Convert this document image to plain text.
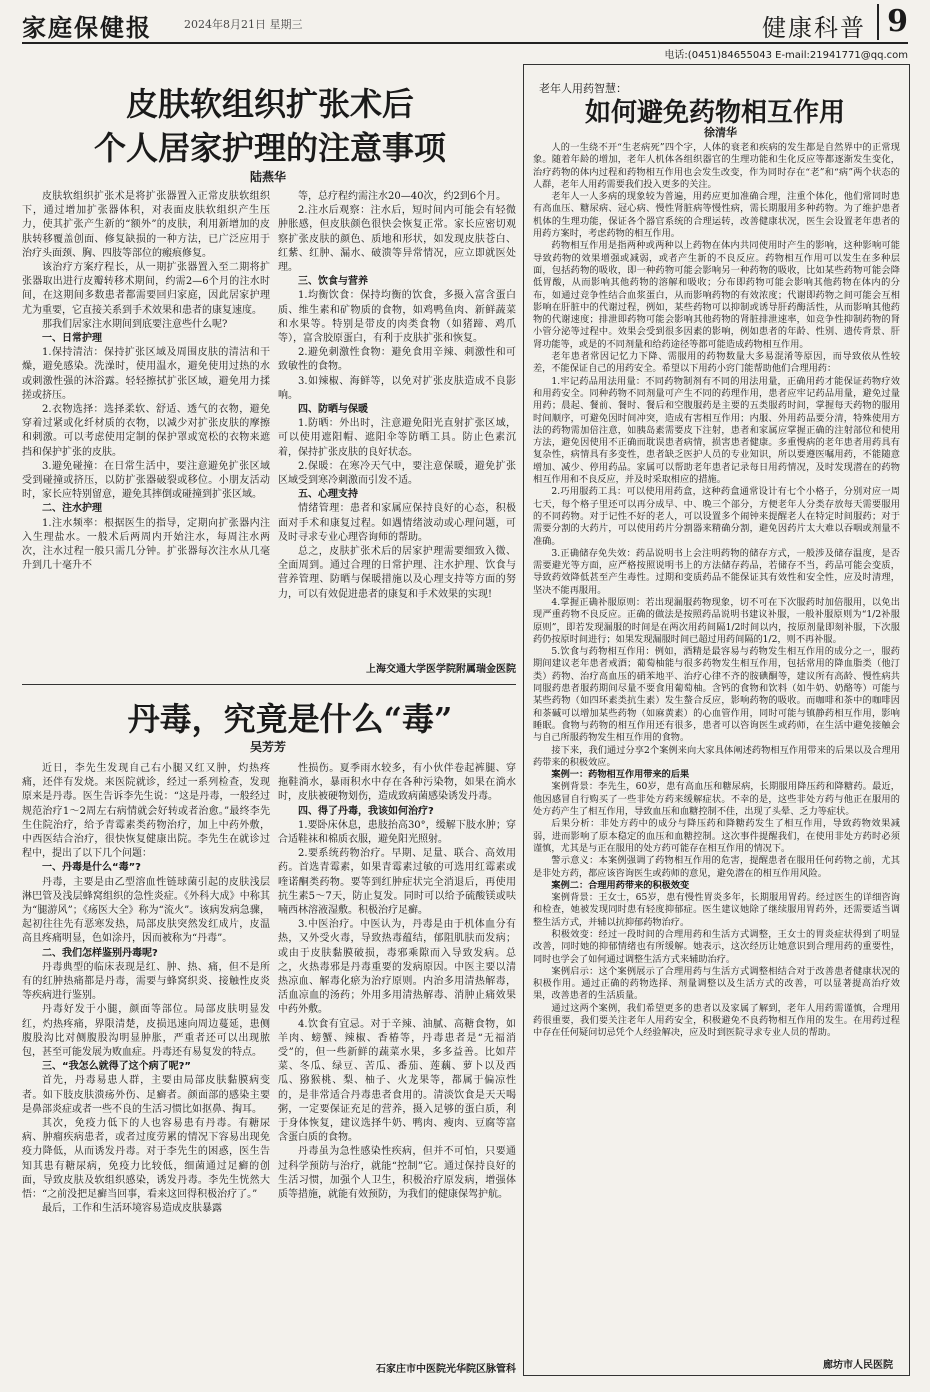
家庭保健报	2024年8月21日 星期三	健康科普 9
电话:(0451)84655043 E-mail:21941771@qq.com
皮肤软组织扩张术后
个人居家护理的注意事项
陆燕华

皮肤软组织扩张术是将扩张器置入正常皮肤软组织下，通过增加扩张器体积，对表面皮肤软组织产生压力，使其扩张产生新的“额外”的皮肤，利用新增加的皮肤转移覆盖创面、修复缺损的一种方法，已广泛应用于治疗头面颈、胸、四肢等部位的瘢痕修复。

该治疗方案疗程长，从一期扩张器置入至二期将扩张器取出进行皮瓣转移术期间，约需2—6个月的注水时间，在这期间多数患者都需要回归家庭，因此居家护理尤为重要，它直接关系到手术效果和患者的康复速度。

那我们居家注水期间到底要注意些什么呢?

一、日常护理

1.保持清洁：保持扩张区域及周围皮肤的清洁和干燥，避免感染。洗澡时，使用温水，避免使用过热的水或刺激性强的沐浴露。轻轻擦拭扩张区域，避免用力揉搓或挤压。

2.衣物选择：选择柔软、舒适、透气的衣物，避免穿着过紧或化纤材质的衣物，以减少对扩张皮肤的摩擦和刺激。可以考虑使用定制的保护罩或宽松的衣物来遮挡和保护扩张的皮肤。

3.避免碰撞：在日常生活中，要注意避免扩张区域受到碰撞或挤压，以防扩张器破裂或移位。小朋友活动时，家长应特别留意，避免其摔倒或碰撞到扩张区域。

二、注水护理

1.注水频率：根据医生的指导，定期向扩张器内注入生理盐水。一般术后两周内开始注水，每周注水两次，注水过程一般只需几分钟。扩张器每次注水从几毫升到几十毫升不

等，总疗程约需注水20—40次，约2到6个月。

2.注水后观察：注水后，短时间内可能会有轻微肿胀感，但皮肤颜色很快会恢复正常。家长应密切观察扩张皮肤的颜色、质地和形状，如发现皮肤苍白、红紫、红肿、漏水、破溃等异常情况，应立即就医处理。

三、饮食与营养

1.均衡饮食：保持均衡的饮食，多摄入富含蛋白质、维生素和矿物质的食物，如鸡鸭鱼肉、新鲜蔬菜和水果等。特别是带皮的肉类食物（如猪蹄、鸡爪等），富含胶原蛋白，有利于皮肤扩张和恢复。

2.避免刺激性食物：避免食用辛辣、刺激性和可致敏性的食物。

3.如辣椒、海鲜等，以免对扩张皮肤造成不良影响。

四、防晒与保暖

1.防晒：外出时，注意避免阳光直射扩张区域，可以使用遮阳帽、遮阳伞等防晒工具。防止色素沉着，保持扩张皮肤的良好状态。

2.保暖：在寒冷天气中，要注意保暖，避免扩张区域受到寒冷刺激而引发不适。

五、心理支持

情绪管理：患者和家属应保持良好的心态，积极面对手术和康复过程。如遇情绪波动或心理问题，可及时寻求专业心理咨询师的帮助。

总之，皮肤扩张术后的居家护理需要细致入微、全面周到。通过合理的日常护理、注水护理、饮食与营养管理、防晒与保暖措施以及心理支持等方面的努力，可以有效促进患者的康复和手术效果的实现!

上海交通大学医学院附属瑞金医院
丹毒，究竟是什么“毒”
吴芳芳

近日，李先生发现自己右小腿又红又肿，灼热疼痛，还伴有发烧。来医院就诊，经过一系列检查，发现原来是丹毒。医生告诉李先生说：“这是丹毒，一般经过规范治疗1～2周左右病情就会好转或者治愈。”最终李先生住院治疗，给予青霉素类药物治疗，加上中药外敷，中西医结合治疗，很快恢复健康出院。李先生在就诊过程中，提出了以下几个问题：

一、丹毒是什么“毒”?

丹毒，主要是由乙型溶血性链球菌引起的皮肤浅层淋巴管及浅层蜂窝组织的急性炎症。《外科大成》中称其为“腿游风”；《疡医大全》称为“流火”。该病发病急骤，起初往往先有恶寒发热，局部皮肤突然发红成片，皮温高且疼痛明显，色如涂丹，因而被称为“丹毒”。

二、我们怎样鉴别丹毒呢?

丹毒典型的临床表现是红、肿、热、痛，但不是所有的红肿热痛都是丹毒，需要与蜂窝织炎、接触性皮炎等疾病进行鉴别。

丹毒好发于小腿，颜面等部位。局部皮肤明显发红，灼热疼痛，界限清楚，皮损迅速向周边蔓延，患侧腹股沟比对侧腹股沟明显肿胀，严重者还可以出现脓包，甚至可能发展为败血症。丹毒还有易复发的特点。

三、“我怎么就得了这个病了呢?”

首先，丹毒易患人群，主要由局部皮肤黏膜病变者。如下肢皮肤溃疡外伤、足癣者。颜面部的感染主要是鼻部炎症或者一些不良的生活习惯比如抠鼻、掏耳。

其次，免疫力低下的人也容易患有丹毒。有糖尿病、肿瘤疾病患者，或者过度劳累的情况下容易出现免疫力降低，从而诱发丹毒。对于李先生的困惑，医生告知其患有糖尿病，免疫力比较低，细菌通过足癣的创面，导致皮肤及软组织感染，诱发丹毒。李先生恍然大悟：“之前没把足癣当回事，看来这回得积极治疗了。”

最后，工作和生活环境容易造成皮肤暴露

性损伤。夏季雨水较多，有小伙伴卷起裤腿、穿拖鞋淌水，暴雨积水中存在各种污染物，如果在淌水时，皮肤被硬物划伤，造成致病菌感染诱发丹毒。

四、得了丹毒，我该如何治疗?

1.要卧床休息，患肢抬高30°，缓解下肢水肿；穿合适鞋袜和棉质衣服，避免阳光照射。

2.要系统药物治疗。早期、足量、联合、高效用药。首选青霉素，如果青霉素过敏的可选用红霉素或喹诺酮类药物。要等到红肿症状完全消退后，再使用抗生素5～7天，防止复发。同时可以给予硫酸镁或呋喃西林溶液湿敷。积极治疗足癣。

3.中医治疗。中医认为，丹毒是由于机体血分有热，又外受火毒，导致热毒蕴结，郁阻肌肤而发病；或由于皮肤黏膜破损，毒邪乘隙而入导致发病。总之，火热毒邪是丹毒重要的发病原因。中医主要以清热凉血、解毒化瘀为治疗原则。内治多用清热解毒，活血凉血的汤药；外用多用清热解毒、消肿止痛效果中药外敷。

4.饮食有宜忌。对于辛辣、油腻、高糖食物，如羊肉、螃蟹、辣椒、香椿等，丹毒患者是“无福消受”的，但一些新鲜的蔬菜水果，多多益善。比如芹菜、冬瓜、绿豆、苦瓜、番茄、莲藕、萝卜以及西瓜、猕猴桃、梨、柚子、火龙果等，都属于偏凉性的，是非常适合丹毒患者食用的。清淡饮食是天天喝粥，一定要保证充足的营养，摄入足够的蛋白质，利于身体恢复，建议选择牛奶、鸭肉、瘦肉、豆腐等富含蛋白质的食物。

丹毒虽为急性感染性疾病，但并不可怕，只要通过科学预防与治疗，就能“控制”它。通过保持良好的生活习惯，加强个人卫生，积极治疗原发病，增强体质等措施，就能有效预防，为我们的健康保驾护航。

石家庄市中医院光华院区脉管科
老年人用药智慧：
如何避免药物相互作用
徐清华

人的一生绕不开“生老病死”四个字，人体的衰老和疾病的发生都是自然界中的正常现象。随着年龄的增加，老年人机体各组织器官的生理功能和生化反应等都逐渐发生变化，治疗药物的体内过程和药物相互作用也会发生改变，作为同时存在“老”和“病”两个状态的人群，老年人用药需要我们投入更多的关注。

老年人一人多病的现象较为普遍，用药应更加准确合理，注重个体化，他们常同时患有高血压、糖尿病、冠心病、慢性肾脏病等慢性病，需长期服用多种药物。为了维护患者机体的生理功能，保证各个器官系统的合理运转，改善健康状况，医生会设置老年患者的用药方案时，考虑药物的相互作用。

药物相互作用是指两种或两种以上药物在体内共同使用时产生的影响，这种影响可能导致药物的效果增强或减弱，或者产生新的不良反应。药物相互作用可以发生在多种层面，包括药物的吸收，即一种药物可能会影响另一种药物的吸收，比如某些药物可能会降低胃酸，从而影响其他药物的溶解和吸收；分布即药物可能会影响其他药物在体内的分布，如通过竞争性结合血浆蛋白，从而影响药物的有效浓度；代谢即药物之间可能会互相影响在肝脏中的代谢过程，例如，某些药物可以抑制或诱导肝药酶活性，从而影响其他药物的代谢速度；排泄即药物可能会影响其他药物的肾脏排泄速率，如竞争性抑制药物的肾小管分泌等过程中。效果会受到很多因素的影响，例如患者的年龄、性别、遗传背景、肝肾功能等，或是的不同剂量和给药途径等都可能造成药物相互作用。

老年患者常因记忆力下降、需服用的药物数量大多易混淆等原因，而导致依从性较差，不能保证自己的用药安全。希望以下用药小窍门能帮助他们合理用药：

1.牢记药品用法用量：不同药物制剂有不同的用法用量，正确用药才能保证药物疗效和用药安全。同种药物不同剂量可产生不同的药理作用，患者应牢记药品用量，避免过量用药；晨起、餐前、餐时、餐后和空腹服药是主要的五类服药时间，掌握每天药物的服用时间顺序，可避免因时间冲突，造成有害相互作用；内服、外用药品要分清，特殊使用方法的药物需加倍注意，如胰岛素需要皮下注射，患者和家属应掌握正确的注射部位和使用方法，避免因使用不正确而耽误患者病情，损害患者健康。多重慢病的老年患者用药具有复杂性，病情具有多变性，患者缺乏医护人员的专业知识，所以要遵医嘱用药，不能随意增加、减少、停用药品。家属可以帮助老年患者记录每日用药情况，及时发现潜在的药物相互作用和不良反应，并及时采取相应的措施。

2.巧用服药工具：可以使用用药盒，这种药盒通常设计有七个小格子，分别对应一周七天，每个格子里还可以再分成早、中、晚三个部分，方便老年人分类存放每天需要服用的不同药物。对于记性不好的老人，可以设置多个闹钟来提醒老人在特定时间服药；对于需要分割的大药片，可以使用药片分割器来精确分割，避免因药片太大难以吞咽或剂量不准确。

3.正确储存免失效：药品说明书上会注明药物的储存方式，一般涉及储存温度，是否需要避光等方面，应严格按照说明书上的方法储存药品，若储存不当，药品可能会变质，导致药效降低甚至产生毒性。过期和变质药品不能保证其有效性和安全性，应及时清理，坚决不能再服用。

4.掌握正确补服原则：若出现漏服药物现象，切不可在下次服药时加倍服用，以免出现严重药物不良反应。正确的做法是按照药品说明书建议补服，一般补服原则为“1/2补服原则”，即若发现漏服的时间是在两次用药间隔1/2时间以内，按原剂量即刻补服，下次服药仍按原时间进行；如果发现漏服时间已超过用药间隔的1/2，则不再补服。

5.饮食与药物相互作用：例如，酒精是最容易与药物发生相互作用的成分之一，服药期间建议老年患者戒酒；葡萄柚能与很多药物发生相互作用，包括常用的降血脂类（他汀类）药物、治疗高血压的硝苯地平、治疗心律不齐的胺碘酮等，建议所有高龄、慢性病共同服药患者服药期间尽量不要食用葡萄柚。含钙的食物和饮料（如牛奶、奶酪等）可能与某些药物（如四环素类抗生素）发生螯合反应，影响药物的吸收。而咖啡和茶中的咖啡因和茶碱可以增加某些药物（如麻黄素）的心血管作用，同时可能与镇静药相互作用，影响睡眠。食物与药物的相互作用还有很多，患者可以咨询医生或药师，在生活中避免接触会与自己所服药物发生相互作用的食物。

接下来，我们通过分享2个案例来向大家具体阐述药物相互作用带来的后果以及合理用药带来的积极效应。

案例一：药物相互作用带来的后果

案例背景：李先生，60岁，患有高血压和糖尿病，长期服用降压药和降糖药。最近，他因感冒自行购买了一些非处方药来缓解症状。不幸的是，这些非处方药与他正在服用的处方药产生了相互作用，导致血压和血糖控制不佳，出现了头晕、乏力等症状。

后果分析：非处方药中的成分与降压药和降糖药发生了相互作用，导致药物效果减弱，进而影响了原本稳定的血压和血糖控制。这次事件提醒我们，在使用非处方药时必须谨慎，尤其是与正在服用的处方药可能存在相互作用的情况下。

警示意义：本案例强调了药物相互作用的危害，提醒患者在服用任何药物之前，尤其是非处方药，都应该咨询医生或药师的意见，避免潜在的相互作用风险。

案例二：合理用药带来的积极效变

案例背景：王女士，65岁，患有慢性胃炎多年，长期服用胃药。经过医生的详细咨询和检查，她被发现同时患有轻度抑郁症。医生建议她除了继续服用胃药外，还需要适当调整生活方式，并辅以抗抑郁药物治疗。

积极效变：经过一段时间的合理用药和生活方式调整，王女士的胃炎症状得到了明显改善，同时她的抑郁情绪也有所缓解。她表示，这次经历让她意识到合理用药的重要性，同时也学会了如何通过调整生活方式来辅助治疗。

案例启示：这个案例展示了合理用药与生活方式调整相结合对于改善患者健康状况的积极作用。通过正确的药物选择、剂量调整以及生活方式的改善，可以显著提高治疗效果，改善患者的生活质量。

通过这两个案例，我们希望更多的患者以及家属了解到，老年人用药需谨慎，合理用药很重要，我们要关注老年人用药安全，积极避免不良药物相互作用的发生。在用药过程中存在任何疑问切忌凭个人经验解决，应及时到医院寻求专业人员的帮助。

廊坊市人民医院
